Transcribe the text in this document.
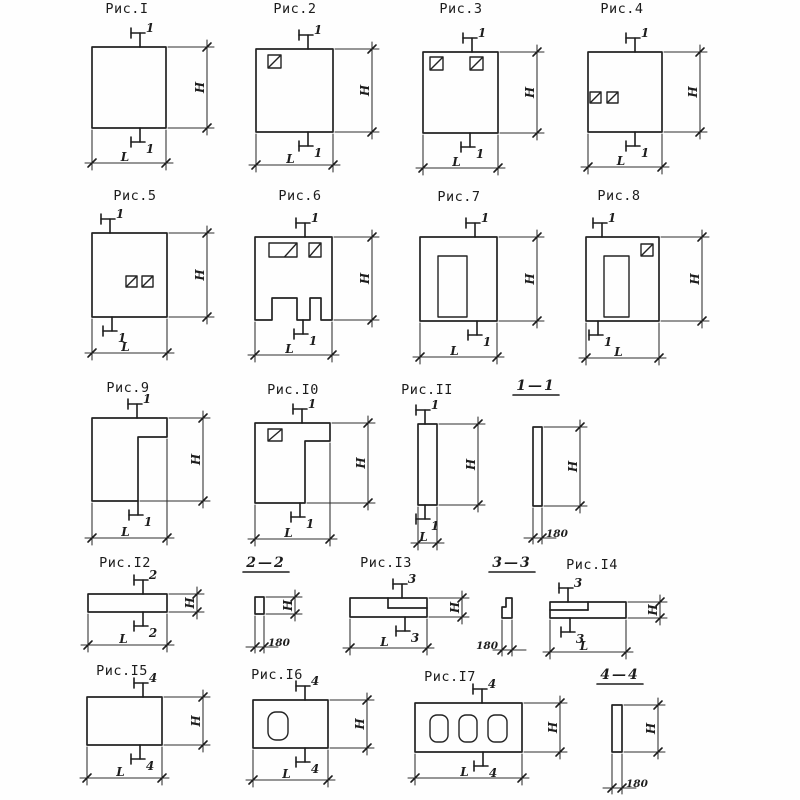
Рис.I
H
L
1
1
Рис.2
H
L
1
1
Рис.3
H
L
1
1
Рис.4
H
L
1
1
Рис.5
H
L
1
1
Рис.6
H
L
1
1
Рис.7
H
L
1
1
Рис.8
H
L
1
1
Рис.9
H
L
1
1
Рис.I0
H
L
1
1
Рис.II
H
L
1
1
1—1
H
180
Рис.I2
H
L
2
2
2—2
H
180
Рис.I3
H
L
3
3
3—3
180
Рис.I4
H
L
3
3
Рис.I5
H
L
4
4
Рис.I6
H
L
4
4
Рис.I7
H
L
4
4
4—4
H
180
